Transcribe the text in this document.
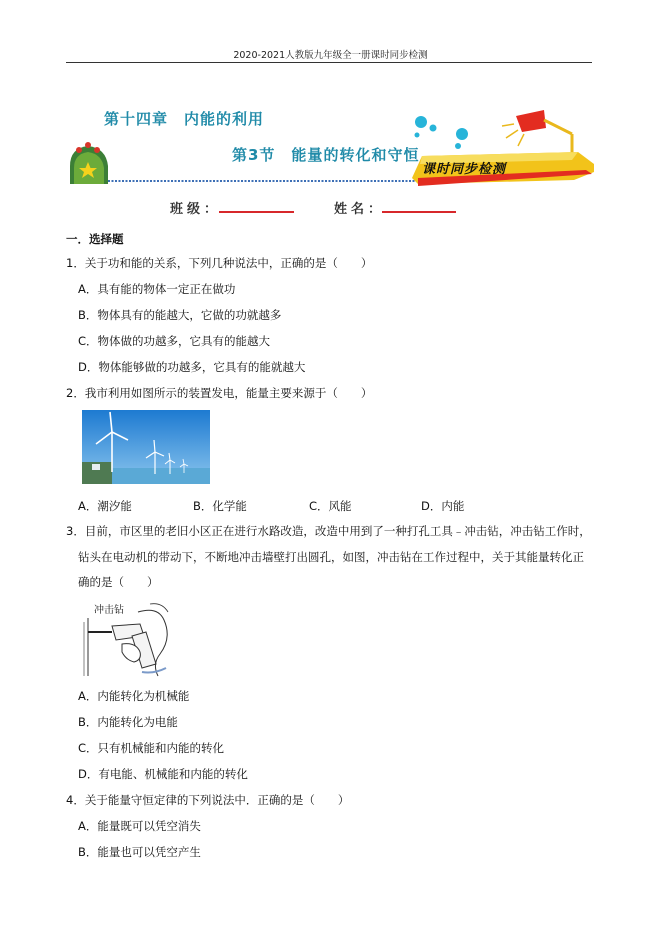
2020-2021人教版九年级全一册课时同步检测
课时同步检测
第十四章　内能的利用
第3节　能量的转化和守恒
班级：	姓名：
一．选择题
1．关于功和能的关系，下列几种说法中，正确的是（　　）
A．具有能的物体一定正在做功
B．物体具有的能越大，它做的功就越多
C．物体做的功越多，它具有的能越大
D．物体能够做的功越多，它具有的能就越大
2．我市利用如图所示的装置发电，能量主要来源于（　　）
A．潮汐能	B．化学能	C．风能	D．内能
3．目前，市区里的老旧小区正在进行水路改造，改造中用到了一种打孔工具﹣冲击钻，冲击钻工作时，
钻头在电动机的带动下，不断地冲击墙壁打出圆孔，如图，冲击钻在工作过程中，关于其能量转化正
确的是（　　）
冲击钻
A．内能转化为机械能
B．内能转化为电能
C．只有机械能和内能的转化
D．有电能、机械能和内能的转化
4．关于能量守恒定律的下列说法中．正确的是（　　）
A．能量既可以凭空消失
B．能量也可以凭空产生
